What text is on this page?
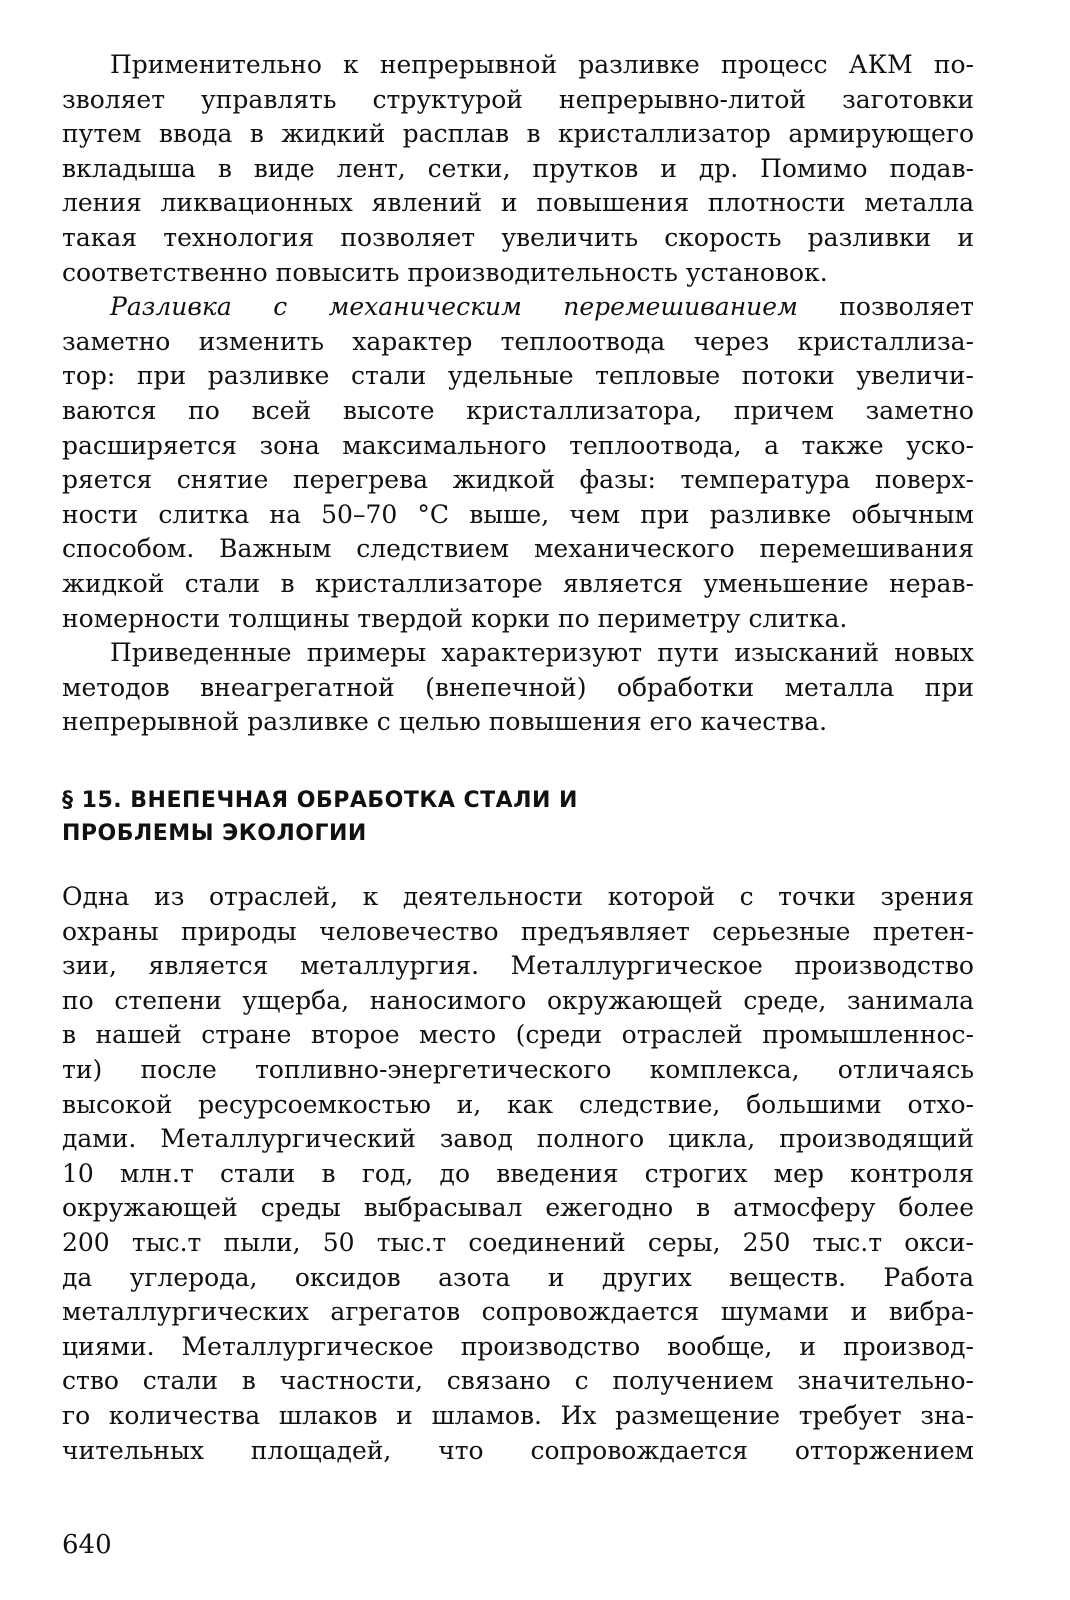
Применительно к непрерывной разливке процесс АКМ по-
зволяет управлять структурой непрерывно-литой заготовки
путем ввода в жидкий расплав в кристаллизатор армирующего
вкладыша в виде лент, сетки, прутков и др. Помимо подав-
ления ликвационных явлений и повышения плотности металла
такая технология позволяет увеличить скорость разливки и
соответственно повысить производительность установок.
Разливка с механическим перемешиванием позволяет
заметно изменить характер теплоотвода через кристаллиза-
тор: при разливке стали удельные тепловые потоки увеличи-
ваются по всей высоте кристаллизатора, причем заметно
расширяется зона максимального теплоотвода, а также уско-
ряется снятие перегрева жидкой фазы: температура поверх-
ности слитка на 50–70 °С выше, чем при разливке обычным
способом. Важным следствием механического перемешивания
жидкой стали в кристаллизаторе является уменьшение нерав-
номерности толщины твердой корки по периметру слитка.
Приведенные примеры характеризуют пути изысканий новых
методов внеагрегатной (внепечной) обработки металла при
непрерывной разливке с целью повышения его качества.
§ 15. ВНЕПЕЧНАЯ ОБРАБОТКА СТАЛИ И
ПРОБЛЕМЫ ЭКОЛОГИИ
Одна из отраслей, к деятельности которой с точки зрения
охраны природы человечество предъявляет серьезные претен-
зии, является металлургия. Металлургическое производство
по степени ущерба, наносимого окружающей среде, занимала
в нашей стране второе место (среди отраслей промышленнос-
ти) после топливно-энергетического комплекса, отличаясь
высокой ресурсоемкостью и, как следствие, большими отхо-
дами. Металлургический завод полного цикла, производящий
10 млн.т стали в год, до введения строгих мер контроля
окружающей среды выбрасывал ежегодно в атмосферу более
200 тыс.т пыли, 50 тыс.т соединений серы, 250 тыс.т окси-
да углерода, оксидов азота и других веществ. Работа
металлургических агрегатов сопровождается шумами и вибра-
циями. Металлургическое производство вообще, и производ-
ство стали в частности, связано с получением значительно-
го количества шлаков и шламов. Их размещение требует зна-
чительных площадей, что сопровождается отторжением
640
